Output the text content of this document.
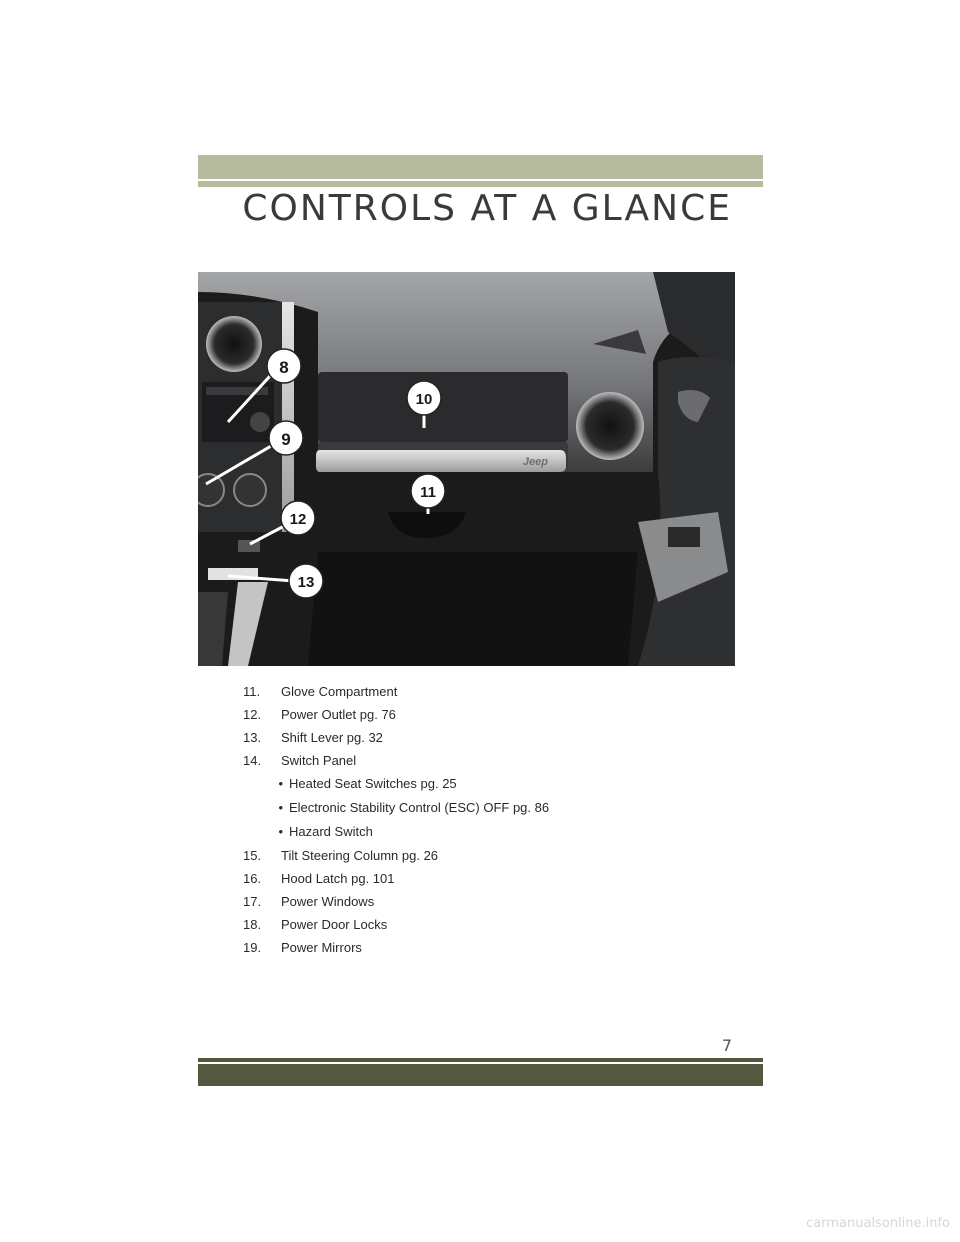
CONTROLS AT A GLANCE
8
9
10
11
12
13
Jeep
11. Glove Compartment
12. Power Outlet pg. 76
13. Shift Lever pg. 32
14. Switch Panel
• Heated Seat Switches pg. 25
• Electronic Stability Control (ESC) OFF pg. 86
• Hazard Switch
15. Tilt Steering Column pg. 26
16. Hood Latch pg. 101
17. Power Windows
18. Power Door Locks
19. Power Mirrors
7
carmanualsonline.info
